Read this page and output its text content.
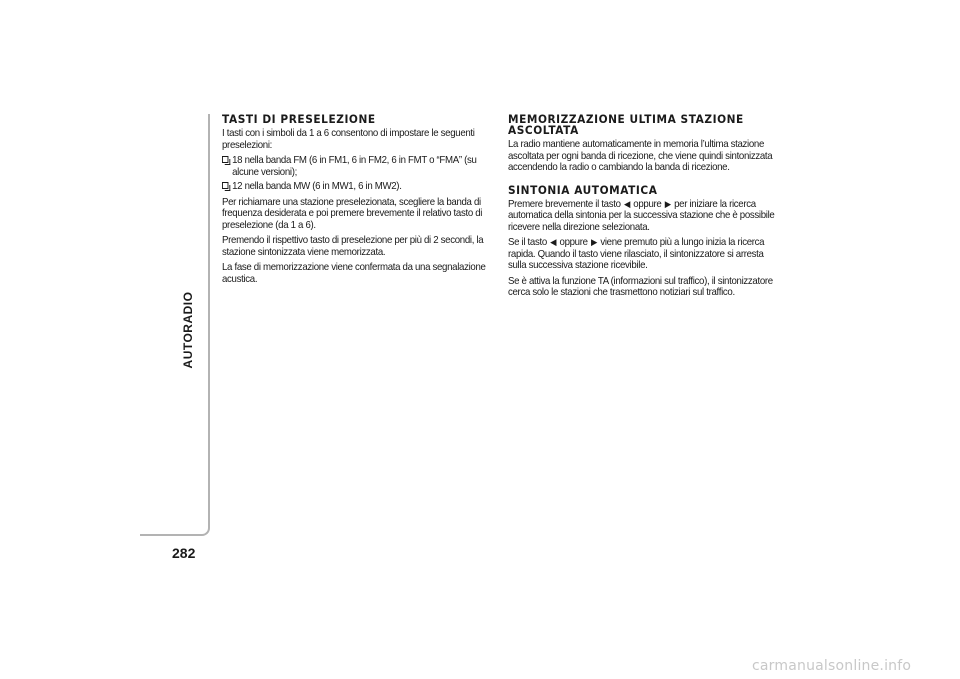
AUTORADIO
282
TASTI DI PRESELEZIONE

I tasti con i simboli da 1 a 6 consentono di impostare le seguenti preselezioni:

18 nella banda FM (6 in FM1, 6 in FM2, 6 in FMT o “FMA” (su alcune versioni);
12 nella banda MW (6 in MW1, 6 in MW2).

Per richiamare una stazione preselezionata, scegliere la banda di frequenza desiderata e poi premere brevemente il relativo tasto di preselezione (da 1 a 6).

Premendo il rispettivo tasto di preselezione per più di 2 secondi, la stazione sintonizzata viene memorizzata.

La fase di memorizzazione viene confermata da una segnalazione acustica.

MEMORIZZAZIONE ULTIMA STAZIONE ASCOLTATA

La radio mantiene automaticamente in memoria l’ultima stazione ascoltata per ogni banda di ricezione, che viene quindi sintonizzata accendendo la radio o cambiando la banda di ricezione.

SINTONIA AUTOMATICA

Premere brevemente il tasto ◀ oppure ▶ per iniziare la ricerca automatica della sintonia per la successiva stazione che è possibile ricevere nella direzione selezionata.

Se il tasto ◀ oppure ▶ viene premuto più a lungo inizia la ricerca rapida. Quando il tasto viene rilasciato, il sintonizzatore si arresta sulla successiva stazione ricevibile.

Se è attiva la funzione TA (informazioni sul traffico), il sintonizzatore cerca solo le stazioni che trasmettono notiziari sul traffico.

carmanualsonline.info
